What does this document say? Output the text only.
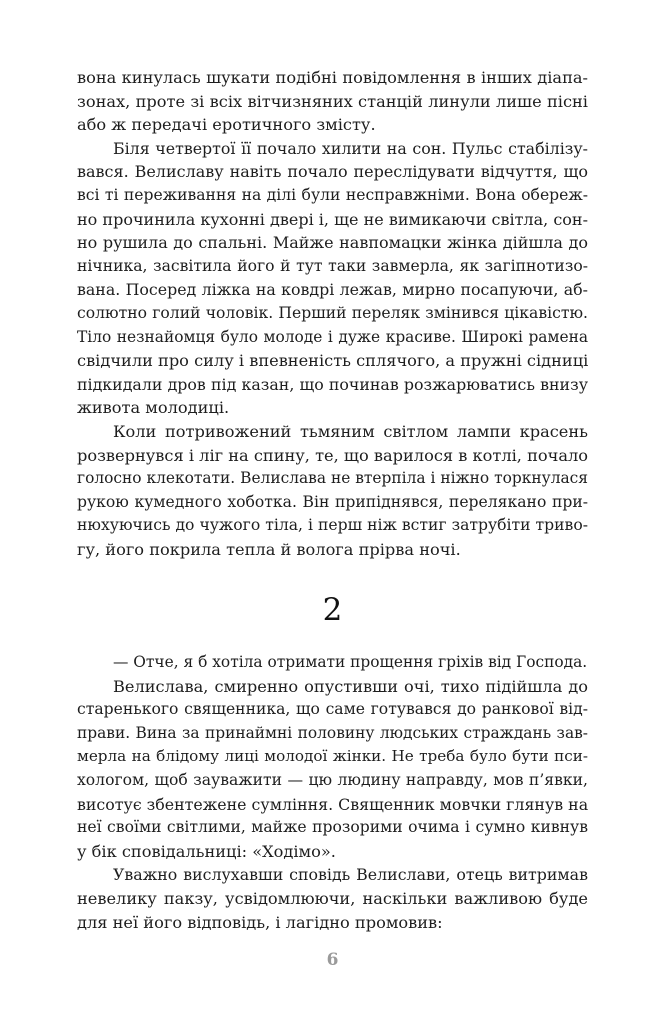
вона кинулась шукати подібні повідомлення в інших діапа-
зонах, проте зі всіх вітчизняних станцій линули лише пісні
або ж передачі еротичного змісту.
Біля четвертої її почало хилити на сон. Пульс стабілізу-
вався. Велиславу навіть почало переслідувати відчуття, що
всі ті переживання на ділі були несправжніми. Вона обереж-
но прочинила кухонні двері і, ще не вимикаючи світла, сон-
но рушила до спальні. Майже навпомацки жінка дійшла до
нічника, засвітила його й тут таки завмерла, як загіпнотизо-
вана. Посеред ліжка на ковдрі лежав, мирно посапуючи, аб-
солютно голий чоловік. Перший переляк змінився цікавістю.
Тіло незнайомця було молоде і дуже красиве. Широкі рамена
свідчили про силу і впевненість сплячого, а пружні сідниці
підкидали дров під казан, що починав розжарюватись внизу
живота молодиці.
Коли потривожений тьмяним світлом лампи красень
розвернувся і ліг на спину, те, що варилося в котлі, почало
голосно клекотати. Велислава не втерпіла і ніжно торкнулася
рукою кумедного хоботка. Він припіднявся, перелякано при-
нюхуючись до чужого тіла, і перш ніж встиг затрубіти триво-
гу, його покрила тепла й волога прірва ночі.
2
— Отче, я б хотіла отримати прощення гріхів від Господа.
Велислава, смиренно опустивши очі, тихо підійшла до
старенького священника, що саме готувався до ранкової від-
прави. Вина за принаймні половину людських страждань зав-
мерла на блідому лиці молодої жінки. Не треба було бути пси-
хологом, щоб зауважити — цю людину направду, мов п’явки,
висотує збентежене сумління. Священник мовчки глянув на
неї своїми світлими, майже прозорими очима і сумно кивнув
у бік сповідальниці: «Ходімо».
Уважно вислухавши сповідь Велислави, отець витримав
невелику пакзу, усвідомлюючи, наскільки важливою буде
для неї його відповідь, і лагідно промовив:
6
